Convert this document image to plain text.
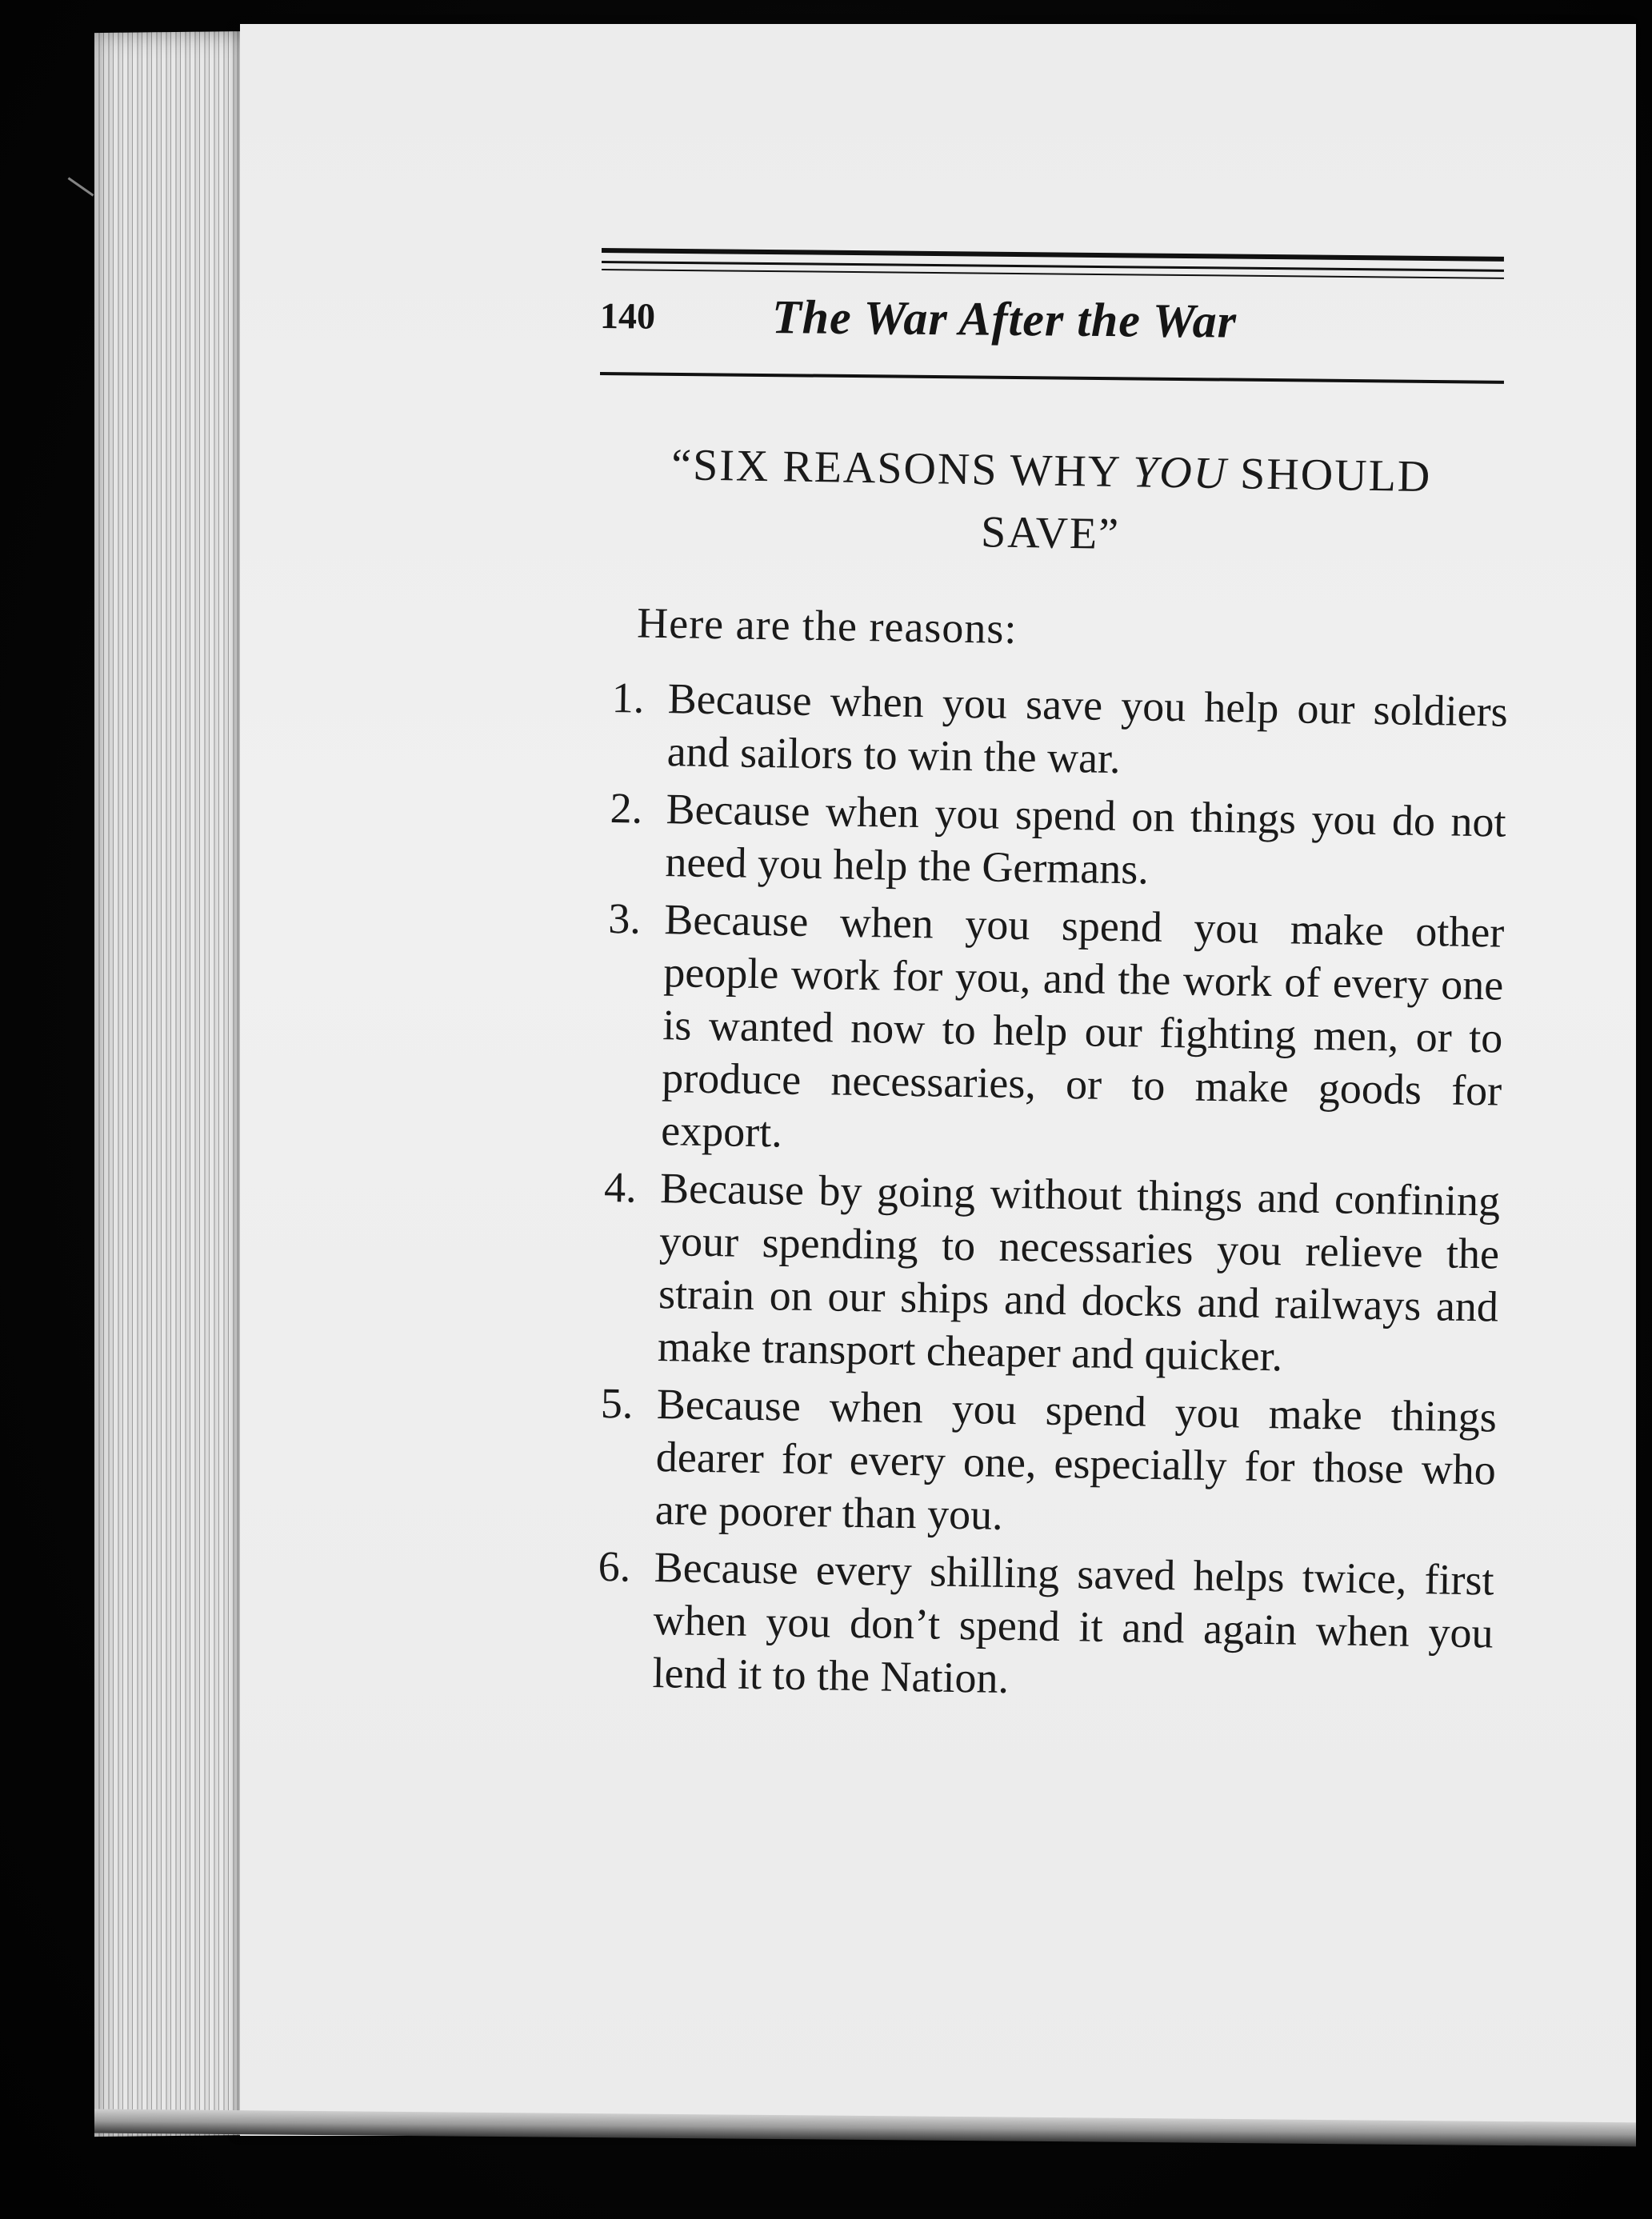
140 The War After the War
“SIX REASONS WHY YOU SHOULD SAVE”
Here are the reasons:
1. Because when you save you help our soldiers and sailors to win the war.
2. Because when you spend on things you do not need you help the Germans.
3. Because when you spend you make other people work for you, and the work of every one is wanted now to help our fighting men, or to produce necessaries, or to make goods for export.
4. Because by going without things and confining your spending to necessaries you relieve the strain on our ships and docks and railways and make transport cheaper and quicker.
5. Because when you spend you make things dearer for every one, especially for those who are poorer than you.
6. Because every shilling saved helps twice, first when you don’t spend it and again when you lend it to the Nation.
